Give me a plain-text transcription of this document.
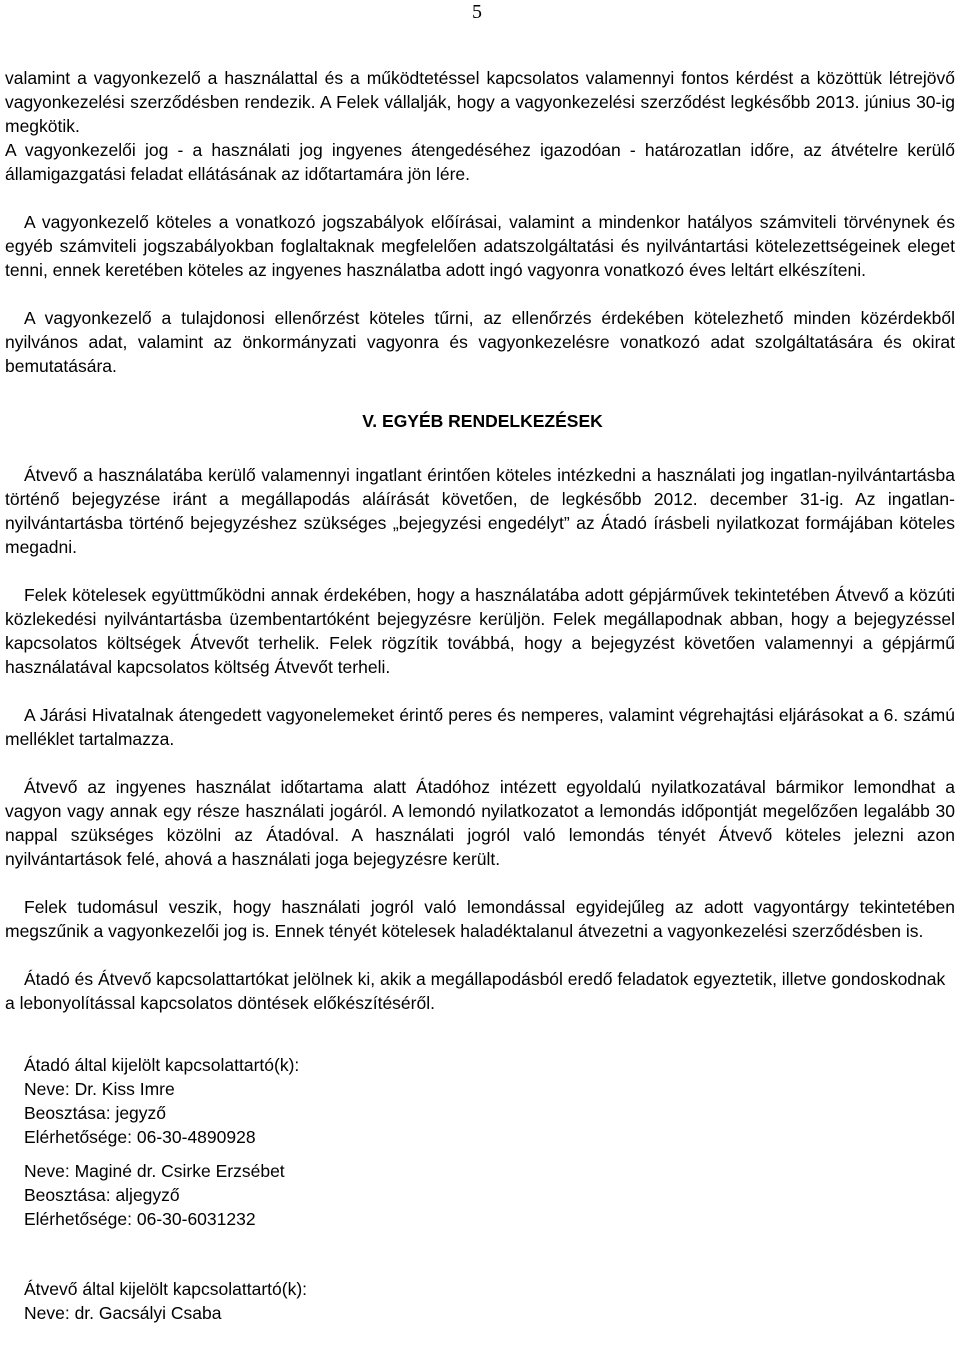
5

valamint a vagyonkezelő a használattal és a működtetéssel kapcsolatos valamennyi fontos kérdést a közöttük létrejövő vagyonkezelési szerződésben rendezik. A Felek vállalják, hogy a vagyonkezelési szerződést legkésőbb 2013. június 30-ig megkötik.

A vagyonkezelői jog - a használati jog ingyenes átengedéséhez igazodóan - határozatlan időre, az átvételre kerülő államigazgatási feladat ellátásának az időtartamára jön lére.

A vagyonkezelő köteles a vonatkozó jogszabályok előírásai, valamint a mindenkor hatályos számviteli törvénynek és egyéb számviteli jogszabályokban foglaltaknak megfelelően adatszolgáltatási és nyilvántartási kötelezettségeinek eleget tenni, ennek keretében köteles az ingyenes használatba adott ingó vagyonra vonatkozó éves leltárt elkészíteni.

A vagyonkezelő a tulajdonosi ellenőrzést köteles tűrni, az ellenőrzés érdekében kötelezhető minden közérdekből nyilvános adat, valamint az önkormányzati vagyonra és vagyonkezelésre vonatkozó adat szolgáltatására és okirat bemutatására.

V. EGYÉB RENDELKEZÉSEK

Átvevő a használatába kerülő valamennyi ingatlant érintően köteles intézkedni a használati jog ingatlan-nyilvántartásba történő bejegyzése iránt a megállapodás aláírását követően, de legkésőbb 2012. december 31-ig. Az ingatlan-nyilvántartásba történő bejegyzéshez szükséges „bejegyzési engedélyt” az Átadó írásbeli nyilatkozat formájában köteles megadni.

Felek kötelesek együttműködni annak érdekében, hogy a használatába adott gépjárművek tekintetében Átvevő a közúti közlekedési nyilvántartásba üzembentartóként bejegyzésre kerüljön. Felek megállapodnak abban, hogy a bejegyzéssel kapcsolatos költségek Átvevőt terhelik. Felek rögzítik továbbá, hogy a bejegyzést követően valamennyi a gépjármű használatával kapcsolatos költség Átvevőt terheli.

A Járási Hivatalnak átengedett vagyonelemeket érintő peres és nemperes, valamint végrehajtási eljárásokat a 6. számú melléklet tartalmazza.

Átvevő az ingyenes használat időtartama alatt Átadóhoz intézett egyoldalú nyilatkozatával bármikor lemondhat a vagyon vagy annak egy része használati jogáról. A lemondó nyilatkozatot a lemondás időpontját megelőzően legalább 30 nappal szükséges közölni az Átadóval. A használati jogról való lemondás tényét Átvevő köteles jelezni azon nyilvántartások felé, ahová a használati joga bejegyzésre került.

Felek tudomásul veszik, hogy használati jogról való lemondással egyidejűleg az adott vagyontárgy tekintetében megszűnik a vagyonkezelői jog is. Ennek tényét kötelesek haladéktalanul átvezetni a vagyonkezelési szerződésben is.

Átadó és Átvevő kapcsolattartókat jelölnek ki, akik a megállapodásból eredő feladatok egyeztetik, illetve gondoskodnak a lebonyolítással kapcsolatos döntések előkészítéséről.

Átadó által kijelölt kapcsolattartó(k):
Neve: Dr. Kiss Imre
Beosztása: jegyző
Elérhetősége: 06-30-4890928
Neve: Maginé dr. Csirke Erzsébet
Beosztása: aljegyző
Elérhetősége: 06-30-6031232
Átvevő által kijelölt kapcsolattartó(k):
Neve: dr. Gacsályi Csaba
